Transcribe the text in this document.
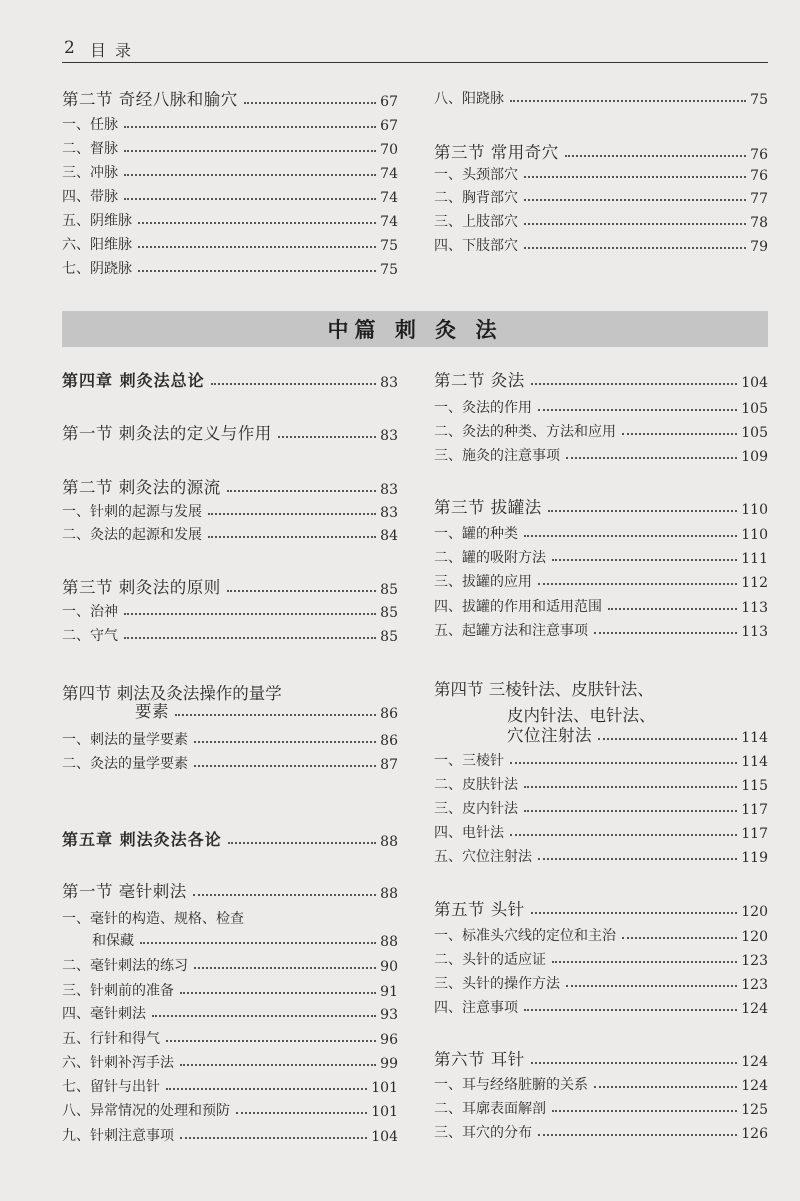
2 目录
第二节 奇经八脉和腧穴	67
一、任脉	67
二、督脉	70
三、冲脉	74
四、带脉	74
五、阴维脉	74
六、阳维脉	75
七、阴跷脉	75
八、阳跷脉	75
第三节 常用奇穴	76
一、头颈部穴	76
二、胸背部穴	77
三、上肢部穴	78
四、下肢部穴	79
第四章 刺灸法总论	83
第一节 刺灸法的定义与作用	83
第二节 刺灸法的源流	83
一、针刺的起源与发展	83
二、灸法的起源和发展	84
第三节 刺灸法的原则	85
一、治神	85
二、守气	85
第四节 刺法及灸法操作的量学
要素	86
一、刺法的量学要素	86
二、灸法的量学要素	87
第五章 刺法灸法各论	88
第一节 毫针刺法	88
一、毫针的构造、规格、检查
和保藏	88
二、毫针刺法的练习	90
三、针刺前的准备	91
四、毫针刺法	93
五、行针和得气	96
六、针刺补泻手法	99
七、留针与出针	101
八、异常情况的处理和预防	101
九、针刺注意事项	104
第二节 灸法	104
一、灸法的作用	105
二、灸法的种类、方法和应用	105
三、施灸的注意事项	109
第三节 拔罐法	110
一、罐的种类	110
二、罐的吸附方法	111
三、拔罐的应用	112
四、拔罐的作用和适用范围	113
五、起罐方法和注意事项	113
第四节 三棱针法、皮肤针法、
皮内针法、电针法、
穴位注射法	114
一、三棱针	114
二、皮肤针法	115
三、皮内针法	117
四、电针法	117
五、穴位注射法	119
第五节 头针	120
一、标准头穴线的定位和主治	120
二、头针的适应证	123
三、头针的操作方法	123
四、注意事项	124
第六节 耳针	124
一、耳与经络脏腑的关系	124
二、耳廓表面解剖	125
三、耳穴的分布	126
中篇 刺 灸 法
